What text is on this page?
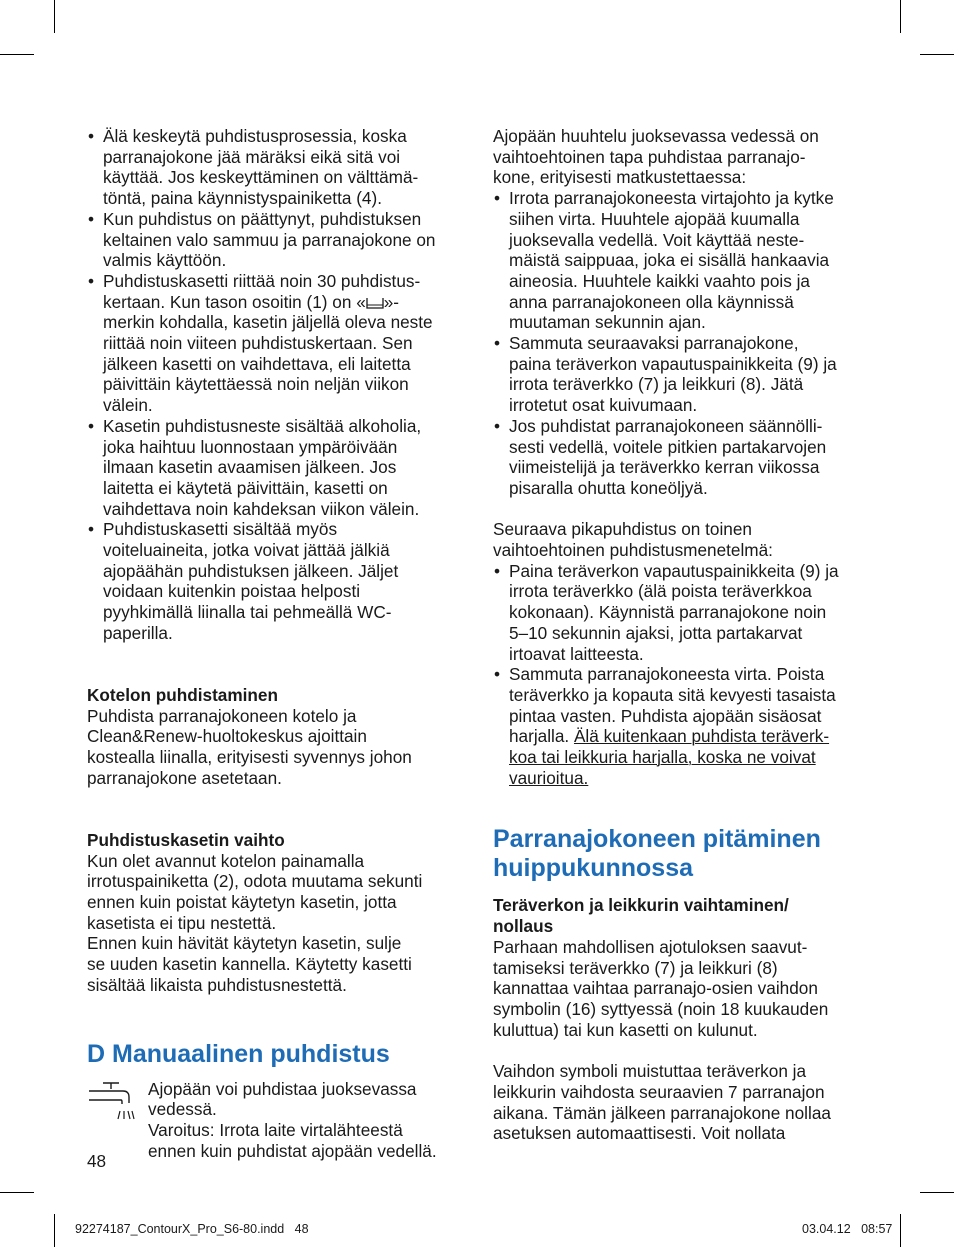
• Älä keskeytä puhdistusprosessia, koska
parranajokone jää märäksi eikä sitä voi
käyttää. Jos keskeyttäminen on välttämä-
töntä, paina käynnistyspainiketta (4).
• Kun puhdistus on päättynyt, puhdistuksen
keltainen valo sammuu ja parranajokone on
valmis käyttöön.
• Puhdistuskasetti riittää noin 30 puhdistus-
kertaan. Kun tason osoitin (1) on « »-
merkin kohdalla, kasetin jäljellä oleva neste
riittää noin viiteen puhdistuskertaan. Sen
jälkeen kasetti on vaihdettava, eli laitetta
päivittäin käytettäessä noin neljän viikon
välein.
• Kasetin puhdistusneste sisältää alkoholia,
joka haihtuu luonnostaan ympäröivään
ilmaan kasetin avaamisen jälkeen. Jos
laitetta ei käytetä päivittäin, kasetti on
vaihdettava noin kahdeksan viikon välein.
• Puhdistuskasetti sisältää myös
voiteluaineita, jotka voivat jättää jälkiä
ajopäähän puhdistuksen jälkeen. Jäljet
voidaan kuitenkin poistaa helposti
pyyhkimällä liinalla tai pehmeällä WC-
paperilla.
Kotelon puhdistaminen
Puhdista parranajokoneen kotelo ja
Clean&Renew-huoltokeskus ajoittain
kostealla liinalla, erityisesti syvennys johon
parranajokone asetetaan.
Puhdistuskasetin vaihto
Kun olet avannut kotelon painamalla
irrotuspainiketta (2), odota muutama sekunti
ennen kuin poistat käytetyn kasetin, jotta
kasetista ei tipu nestettä.
Ennen kuin hävität käytetyn kasetin, sulje
se uuden kasetin kannella. Käytetty kasetti
sisältää likaista puhdistusnestettä.
D Manuaalinen puhdistus
Ajopään voi puhdistaa juoksevassa
vedessä.
Varoitus: Irrota laite virtalähteestä
ennen kuin puhdistat ajopään vedellä.
Ajopään huuhtelu juoksevassa vedessä on
vaihtoehtoinen tapa puhdistaa parranajo-
kone, erityisesti matkustettaessa:
• Irrota parranajokoneesta virtajohto ja kytke
siihen virta. Huuhtele ajopää kuumalla
juoksevalla vedellä. Voit käyttää neste-
mäistä saippuaa, joka ei sisällä hankaavia
aineosia. Huuhtele kaikki vaahto pois ja
anna parranajokoneen olla käynnissä
muutaman sekunnin ajan.
• Sammuta seuraavaksi parranajokone,
paina teräverkon vapautuspainikkeita (9) ja
irrota teräverkko (7) ja leikkuri (8). Jätä
irrotetut osat kuivumaan.
• Jos puhdistat parranajokoneen säännölli-
sesti vedellä, voitele pitkien partakarvojen
viimeistelijä ja teräverkko kerran viikossa
pisaralla ohutta koneöljyä.
Seuraava pikapuhdistus on toinen
vaihtoehtoinen puhdistusmenetelmä:
• Paina teräverkon vapautuspainikkeita (9) ja
irrota teräverkko (älä poista teräverkkoa
kokonaan). Käynnistä parranajokone noin
5–10 sekunnin ajaksi, jotta partakarvat
irtoavat laitteesta.
• Sammuta parranajokoneesta virta. Poista
teräverkko ja kopauta sitä kevyesti tasaista
pintaa vasten. Puhdista ajopään sisäosat
harjalla. Älä kuitenkaan puhdista teräverk-
koa tai leikkuria harjalla, koska ne voivat
vaurioitua.
Parranajokoneen pitäminen
huippukunnossa
Teräverkon ja leikkurin vaihtaminen/
nollaus
Parhaan mahdollisen ajotuloksen saavut-
tamiseksi teräverkko (7) ja leikkuri (8)
kannattaa vaihtaa parranajo-osien vaihdon
symbolin (16) syttyessä (noin 18 kuukauden
kuluttua) tai kun kasetti on kulunut.
Vaihdon symboli muistuttaa teräverkon ja
leikkurin vaihdosta seuraavien 7 parranajon
aikana. Tämän jälkeen parranajokone nollaa
asetuksen automaattisesti. Voit nollata
48
92274187_ContourX_Pro_S6-80.indd   48	03.04.12   08:57
